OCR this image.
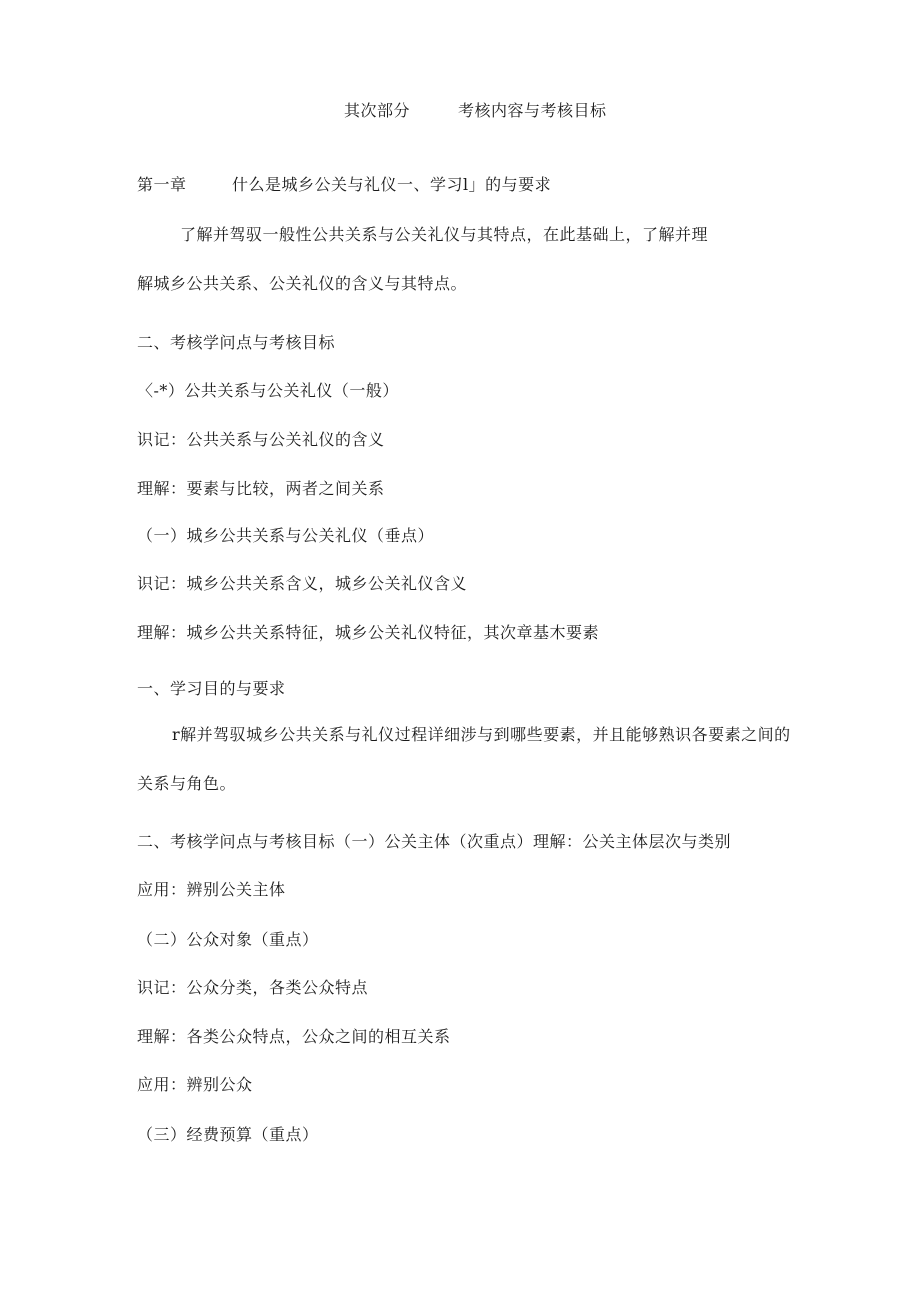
其次部分	考核内容与考核目标
第一章	什么是城乡公关与礼仪一、学习l」的与要求
了解并驾驭一般性公共关系与公关礼仪与其特点，在此基础上，了解并理
解城乡公共关系、公关礼仪的含义与其特点。
二、考核学问点与考核目标
〈-*）公共关系与公关礼仪（一般）
识记：公共关系与公关礼仪的含义
理解：要素与比较，两者之间关系
（一）城乡公共关系与公关礼仪（垂点）
识记：城乡公共关系含义，城乡公关礼仪含义
理解：城乡公共关系特征，城乡公关礼仪特征，其次章基木要素
一、学习目的与要求
r解并驾驭城乡公共关系与礼仪过程详细涉与到哪些要素，并且能够熟识各要素之间的
关系与角色。
二、考核学问点与考核目标（一）公关主体（次重点）理解：公关主体层次与类别
应用：辨别公关主体
（二）公众对象（重点）
识记：公众分类，各类公众特点
理解：各类公众特点，公众之间的相互关系
应用：辨别公众
（三）经费预算（重点）
